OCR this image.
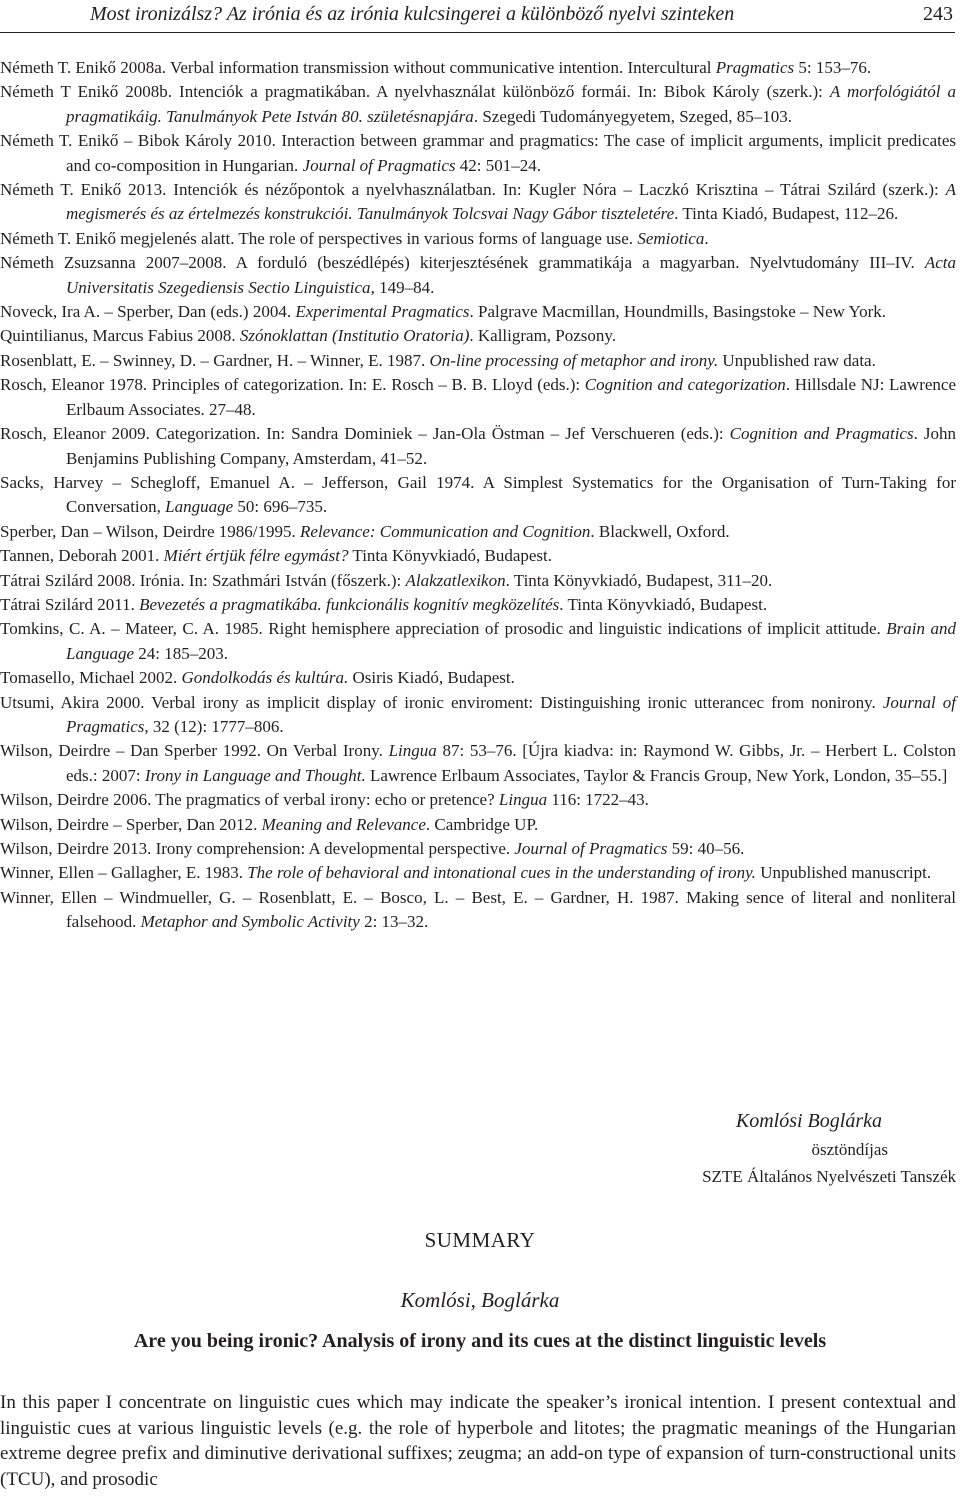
Most ironizálsz? Az irónia és az irónia kulcsingerei a különböző nyelvi szinteken	243

Németh T. Enikő 2008a. Verbal information transmission without communicative intention. Intercultural Pragmatics 5: 153–76.

Németh T Enikő 2008b. Intenciók a pragmatikában. A nyelvhasználat különböző formái. In: Bibok Károly (szerk.): A morfológiától a pragmatikáig. Tanulmányok Pete István 80. születésnapjára. Szegedi Tudományegyetem, Szeged, 85–103.

Németh T. Enikő – Bibok Károly 2010. Interaction between grammar and pragmatics: The case of implicit arguments, implicit predicates and co-composition in Hungarian. Journal of Pragmatics 42: 501–24.

Németh T. Enikő 2013. Intenciók és nézőpontok a nyelvhasználatban. In: Kugler Nóra – Laczkó Krisztina – Tátrai Szilárd (szerk.): A megismerés és az értelmezés konstrukciói. Tanulmányok Tolcsvai Nagy Gábor tiszteletére. Tinta Kiadó, Budapest, 112–26.

Németh T. Enikő megjelenés alatt. The role of perspectives in various forms of language use. Semiotica.

Németh Zsuzsanna 2007–2008. A forduló (beszédlépés) kiterjesztésének grammatikája a magyarban. Nyelvtudomány III–IV. Acta Universitatis Szegediensis Sectio Linguistica, 149–84.

Noveck, Ira A. – Sperber, Dan (eds.) 2004. Experimental Pragmatics. Palgrave Macmillan, Houndmills, Basingstoke – New York.

Quintilianus, Marcus Fabius 2008. Szónoklattan (Institutio Oratoria). Kalligram, Pozsony.

Rosenblatt, E. – Swinney, D. – Gardner, H. – Winner, E. 1987. On-line processing of metaphor and irony. Unpublished raw data.

Rosch, Eleanor 1978. Principles of categorization. In: E. Rosch – B. B. Lloyd (eds.): Cognition and categorization. Hillsdale NJ: Lawrence Erlbaum Associates. 27–48.

Rosch, Eleanor 2009. Categorization. In: Sandra Dominiek – Jan-Ola Östman – Jef Verschueren (eds.): Cognition and Pragmatics. John Benjamins Publishing Company, Amsterdam, 41–52.

Sacks, Harvey – Schegloff, Emanuel A. – Jefferson, Gail 1974. A Simplest Systematics for the Organisation of Turn-Taking for Conversation, Language 50: 696–735.

Sperber, Dan – Wilson, Deirdre 1986/1995. Relevance: Communication and Cognition. Blackwell, Oxford.

Tannen, Deborah 2001. Miért értjük félre egymást? Tinta Könyvkiadó, Budapest.

Tátrai Szilárd 2008. Irónia. In: Szathmári István (főszerk.): Alakzatlexikon. Tinta Könyvkiadó, Budapest, 311–20.

Tátrai Szilárd 2011. Bevezetés a pragmatikába. funkcionális kognitív megközelítés. Tinta Könyvkiadó, Budapest.

Tomkins, C. A. – Mateer, C. A. 1985. Right hemisphere appreciation of prosodic and linguistic indications of implicit attitude. Brain and Language 24: 185–203.

Tomasello, Michael 2002. Gondolkodás és kultúra. Osiris Kiadó, Budapest.

Utsumi, Akira 2000. Verbal irony as implicit display of ironic enviroment: Distinguishing ironic utterancec from nonirony. Journal of Pragmatics, 32 (12): 1777–806.

Wilson, Deirdre – Dan Sperber 1992. On Verbal Irony. Lingua 87: 53–76. [Újra kiadva: in: Raymond W. Gibbs, Jr. – Herbert L. Colston eds.: 2007: Irony in Language and Thought. Lawrence Erlbaum Associates, Taylor & Francis Group, New York, London, 35–55.]

Wilson, Deirdre 2006. The pragmatics of verbal irony: echo or pretence? Lingua 116: 1722–43.

Wilson, Deirdre – Sperber, Dan 2012. Meaning and Relevance. Cambridge UP.

Wilson, Deirdre 2013. Irony comprehension: A developmental perspective. Journal of Pragmatics 59: 40–56.

Winner, Ellen – Gallagher, E. 1983. The role of behavioral and intonational cues in the understanding of irony. Unpublished manuscript.

Winner, Ellen – Windmueller, G. – Rosenblatt, E. – Bosco, L. – Best, E. – Gardner, H. 1987. Making sence of literal and nonliteral falsehood. Metaphor and Symbolic Activity 2: 13–32.

Komlósi Boglárka
ösztöndíjas
SZTE Általános Nyelvészeti Tanszék
SUMMARY
Komlósi, Boglárka
Are you being ironic? Analysis of irony and its cues at the distinct linguistic levels

In this paper I concentrate on linguistic cues which may indicate the speaker’s ironical intention. I present contextual and linguistic cues at various linguistic levels (e.g. the role of hyperbole and litotes; the pragmatic meanings of the Hungarian extreme degree prefix and diminutive derivational suffixes; zeugma; an add-on type of expansion of turn-constructional units (TCU), and prosodic
